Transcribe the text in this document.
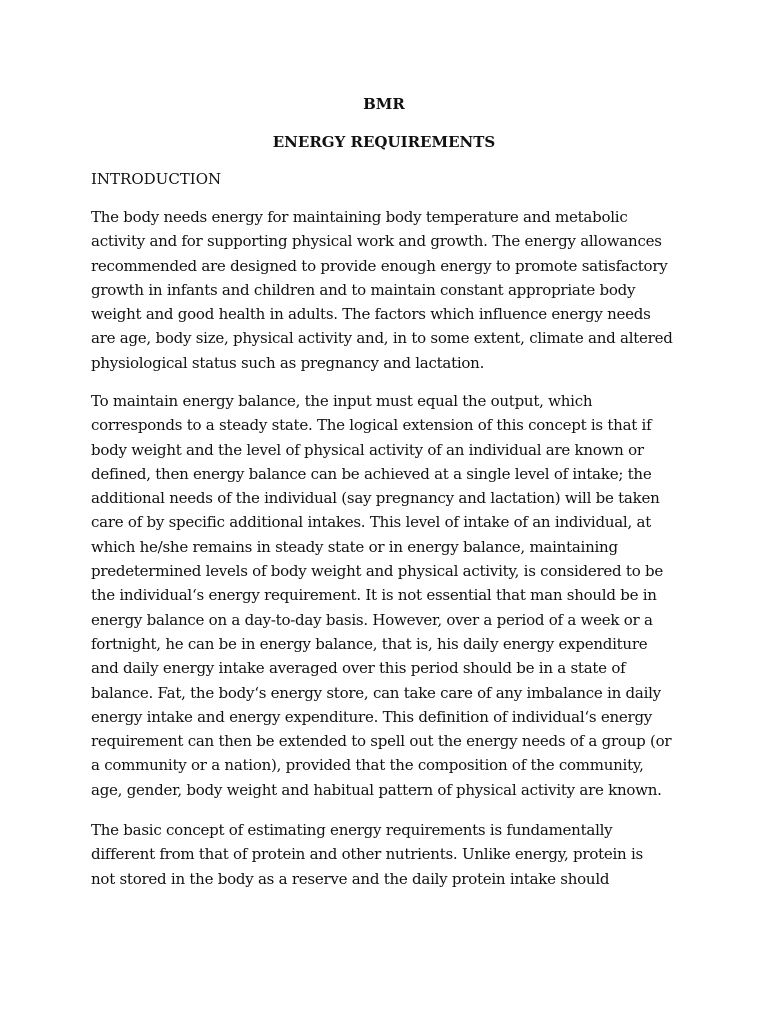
BMR
ENERGY REQUIREMENTS
INTRODUCTION
The body needs energy for maintaining body temperature and metabolic
activity and for supporting physical work and growth. The energy allowances
recommended are designed to provide enough energy to promote satisfactory
growth in infants and children and to maintain constant appropriate body
weight and good health in adults. The factors which influence energy needs
are age, body size, physical activity and, in to some extent, climate and altered
physiological status such as pregnancy and lactation.
To maintain energy balance, the input must equal the output, which
corresponds to a steady state. The logical extension of this concept is that if
body weight and the level of physical activity of an individual are known or
defined, then energy balance can be achieved at a single level of intake; the
additional needs of the individual (say pregnancy and lactation) will be taken
care of by specific additional intakes. This level of intake of an individual, at
which he/she remains in steady state or in energy balance, maintaining
predetermined levels of body weight and physical activity, is considered to be
the individual‘s energy requirement. It is not essential that man should be in
energy balance on a day-to-day basis. However, over a period of a week or a
fortnight, he can be in energy balance, that is, his daily energy expenditure
and daily energy intake averaged over this period should be in a state of
balance. Fat, the body‘s energy store, can take care of any imbalance in daily
energy intake and energy expenditure. This definition of individual‘s energy
requirement can then be extended to spell out the energy needs of a group (or
a community or a nation), provided that the composition of the community,
age, gender, body weight and habitual pattern of physical activity are known.
The basic concept of estimating energy requirements is fundamentally
different from that of protein and other nutrients. Unlike energy, protein is
not stored in the body as a reserve and the daily protein intake should
